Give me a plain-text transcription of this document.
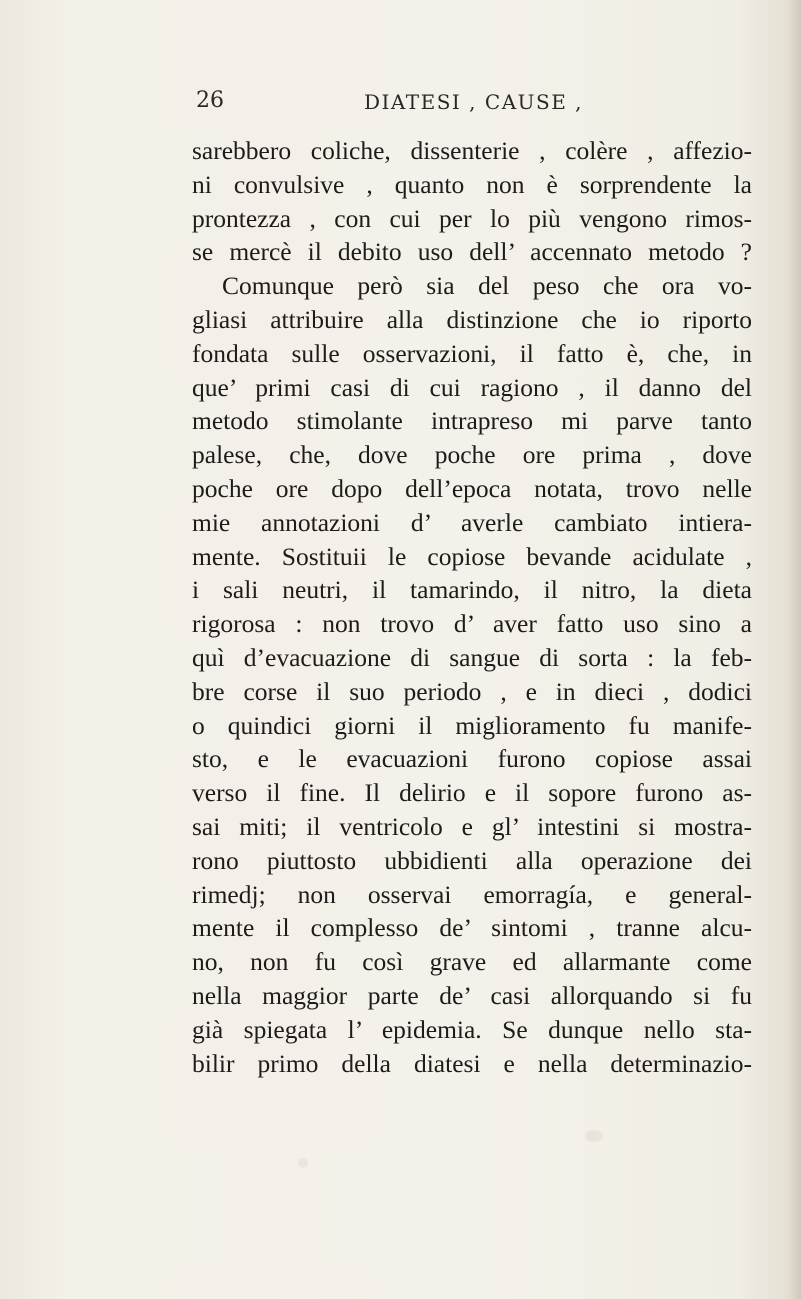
26	DIATESI , CAUSE ,
sarebbero coliche, dissenterie , colère , affezio-
ni convulsive , quanto non è sorprendente la
prontezza , con cui per lo più vengono rimos-
se mercè il debito uso dell’ accennato metodo ?
Comunque però sia del peso che ora vo-
gliasi attribuire alla distinzione che io riporto
fondata sulle osservazioni, il fatto è, che, in
que’ primi casi di cui ragiono , il danno del
metodo stimolante intrapreso mi parve tanto
palese, che, dove poche ore prima , dove
poche ore dopo dell’epoca notata, trovo nelle
mie annotazioni d’ averle cambiato intiera-
mente. Sostituii le copiose bevande acidulate ,
i sali neutri, il tamarindo, il nitro, la dieta
rigorosa : non trovo d’ aver fatto uso sino a
quì d’evacuazione di sangue di sorta : la feb-
bre corse il suo periodo , e in dieci , dodici
o quindici giorni il miglioramento fu manife-
sto, e le evacuazioni furono copiose assai
verso il fine. Il delirio e il sopore furono as-
sai miti; il ventricolo e gl’ intestini si mostra-
rono piuttosto ubbidienti alla operazione dei
rimedj; non osservai emorragía, e general-
mente il complesso de’ sintomi , tranne alcu-
no, non fu così grave ed allarmante come
nella maggior parte de’ casi allorquando si fu
già spiegata l’ epidemia. Se dunque nello sta-
bilir primo della diatesi e nella determinazio-
